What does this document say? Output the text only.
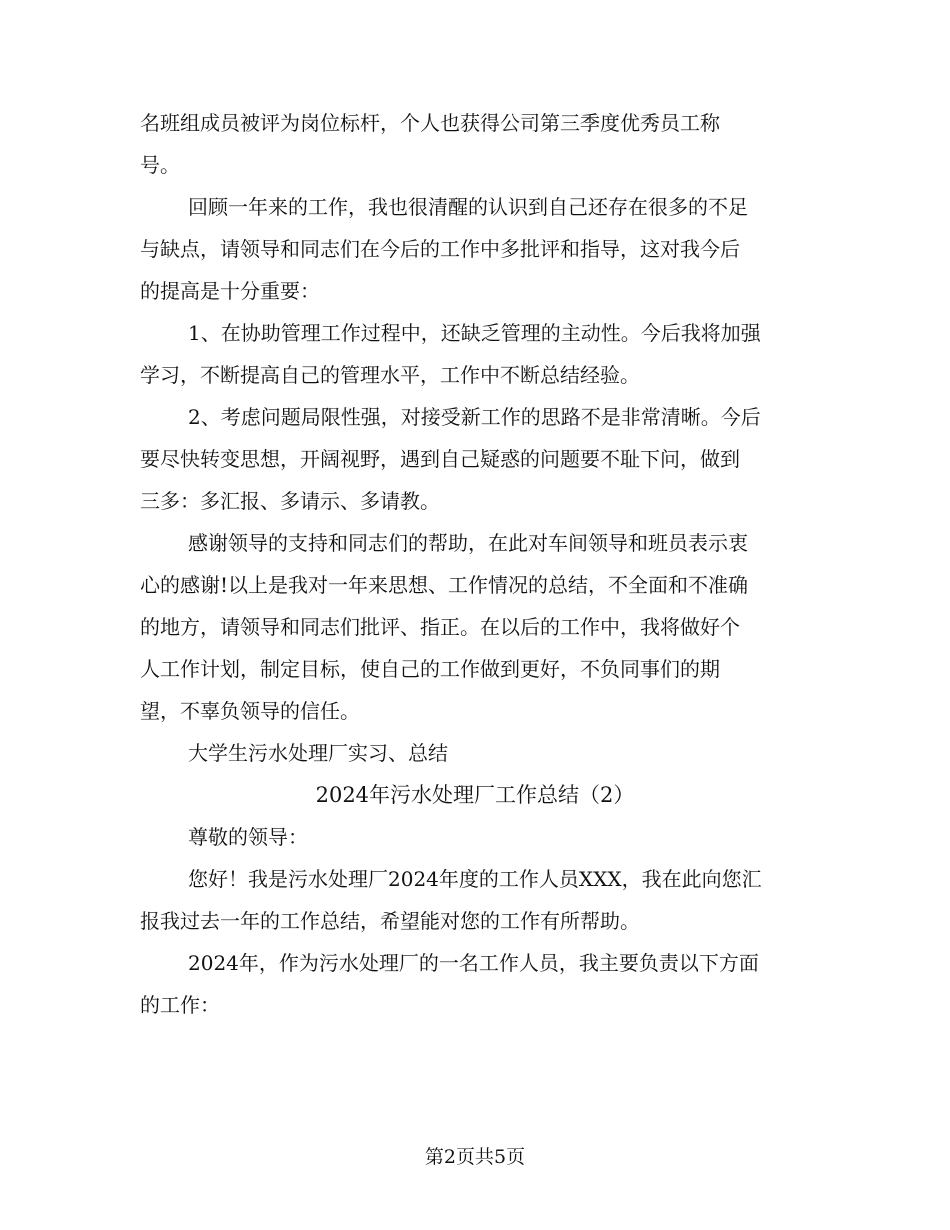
名班组成员被评为岗位标杆，个人也获得公司第三季度优秀员工称
号。
回顾一年来的工作，我也很清醒的认识到自己还存在很多的不足
与缺点，请领导和同志们在今后的工作中多批评和指导，这对我今后
的提高是十分重要：
1、在协助管理工作过程中，还缺乏管理的主动性。今后我将加强
学习，不断提高自己的管理水平，工作中不断总结经验。
2、考虑问题局限性强，对接受新工作的思路不是非常清晰。今后
要尽快转变思想，开阔视野，遇到自己疑惑的问题要不耻下问，做到
三多：多汇报、多请示、多请教。
感谢领导的支持和同志们的帮助，在此对车间领导和班员表示衷
心的感谢!以上是我对一年来思想、工作情况的总结，不全面和不准确
的地方，请领导和同志们批评、指正。在以后的工作中，我将做好个
人工作计划，制定目标，使自己的工作做到更好，不负同事们的期
望，不辜负领导的信任。
大学生污水处理厂实习、总结
2024年污水处理厂工作总结（2）
尊敬的领导：
您好！我是污水处理厂2024年度的工作人员XXX，我在此向您汇
报我过去一年的工作总结，希望能对您的工作有所帮助。
2024年，作为污水处理厂的一名工作人员，我主要负责以下方面
的工作：
第2页共5页
